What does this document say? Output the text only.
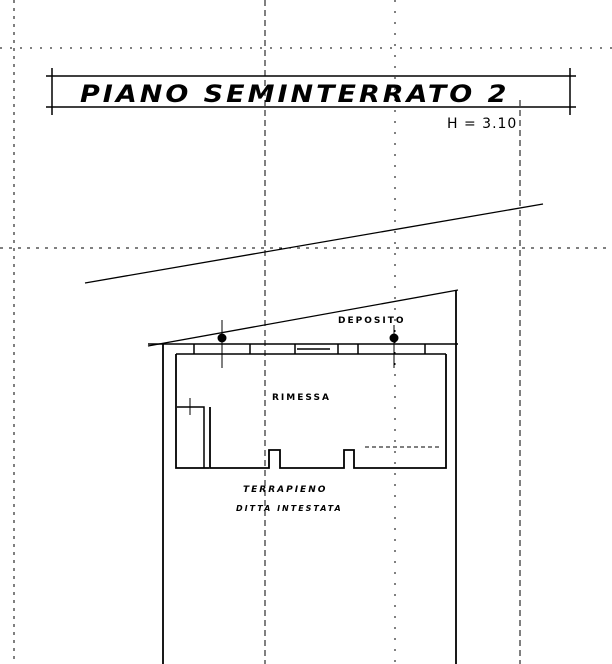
PIANO SEMINTERRATO 2
H = 3.10
DEPOSITO
RIMESSA
TERRAPIENO
DITTA INTESTATA
